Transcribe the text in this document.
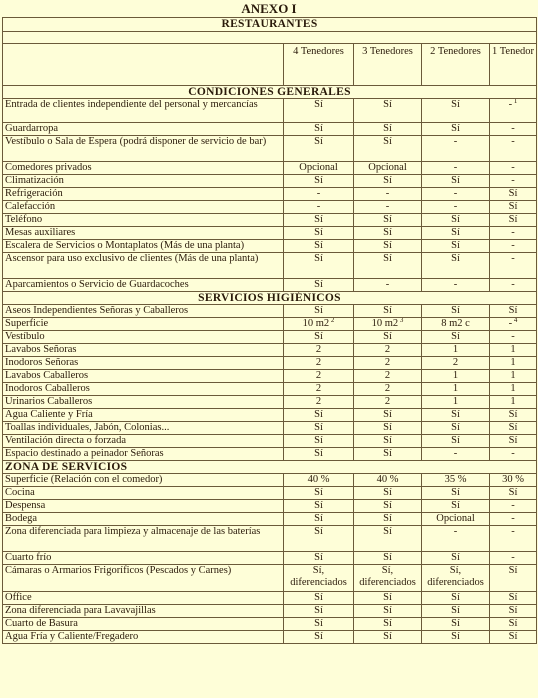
ANEXO I
RESTAURANTES				

	4 Tenedores	3 Tenedores	2 Tenedores	1 Tenedor
CONDICIONES GENERALES				
Entrada de clientes independiente del personal y mercancías	Sí	Sí	Sí	- $^1$
Guardarropa	Sí	Sí	Sí	-
Vestíbulo o Sala de Espera (podrá disponer de servicio de bar)	Sí	Sí	-	-
Comedores privados	Opcional	Opcional	-	-
Climatización	Sí	Sí	Sí	-
Refrigeración	-	-	-	Sí
Calefacción	-	-	-	Sí
Teléfono	Sí	Sí	Sí	Sí
Mesas auxiliares	Sí	Sí	Sí	-
Escalera de Servicios o Montaplatos (Más de una planta)	Sí	Sí	Sí	-
Ascensor para uso exclusivo de clientes (Más de una planta)	Sí	Sí	Sí	-
Aparcamientos o Servicio de Guardacoches	Sí	-	-	-
SERVICIOS HIGIÉNICOS				
Aseos Independientes Señoras y Caballeros	Sí	Sí	Sí	Sí
Superficie	10 m2 $^2$	10 m2 $^3$	8 m2 c	- $^4$
Vestíbulo	Sí	Sí	Sí	-
Lavabos Señoras	2	2	1	1
Inodoros Señoras	2	2	2	1
Lavabos Caballeros	2	2	1	1
Inodoros Caballeros	2	2	1	1
Urinarios Caballeros	2	2	1	1
Agua Caliente y Fría	Sí	Sí	Sí	Sí
Toallas individuales, Jabón, Colonias...	Sí	Sí	Sí	Sí
Ventilación directa o forzada	Sí	Sí	Sí	Sí
Espacio destinado a peinador Señoras	Sí	Sí	-	-
ZONA DE SERVICIOS				
Superficie (Relación con el comedor)	40 %	40 %	35 %	30 %
Cocina	Sí	Sí	Sí	Sí
Despensa	Sí	Sí	Sí	-
Bodega	Sí	Sí	Opcional	-
Zona diferenciada para limpieza y almacenaje de las baterías	Sí	Sí	-	-
Cuarto frío	Sí	Sí	Sí	-
Cámaras o Armarios Frigoríficos (Pescados y Carnes)	Sí, diferenciados	Sí, diferenciados	Sí, diferenciados	Sí
Office	Sí	Sí	Sí	Sí
Zona diferenciada para Lavavajillas	Sí	Sí	Sí	Sí
Cuarto de Basura	Sí	Sí	Sí	Sí
Agua Fría y Caliente/Fregadero	Sí	Sí	Sí	Sí
